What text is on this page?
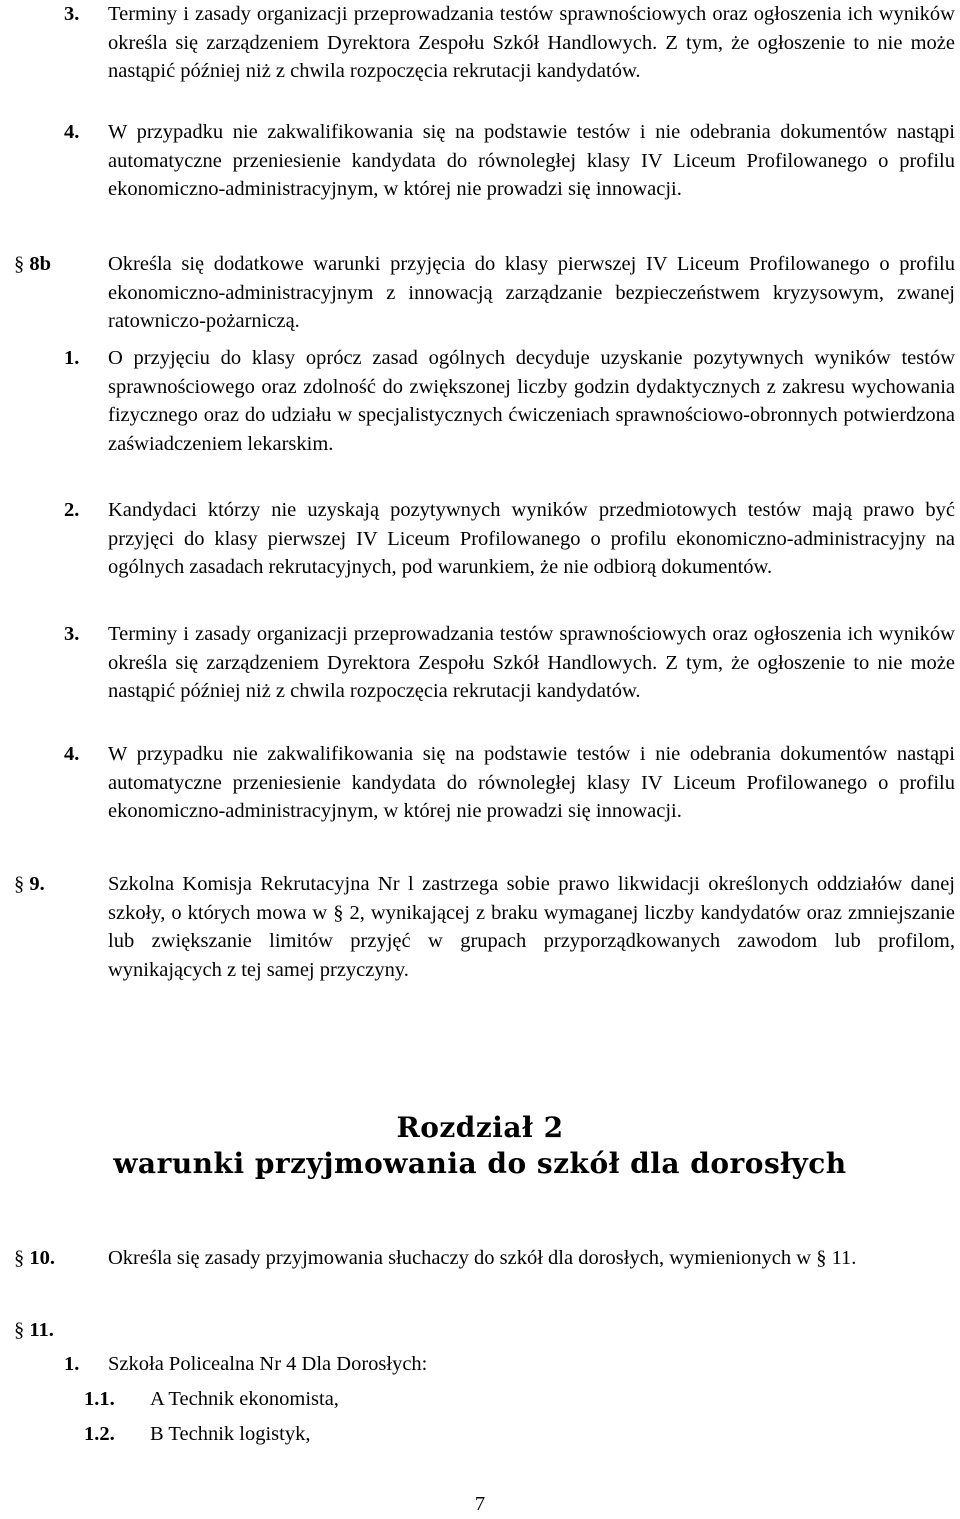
3. Terminy i zasady organizacji przeprowadzania testów sprawnościowych oraz ogłoszenia ich wyników określa się zarządzeniem Dyrektora Zespołu Szkół Handlowych. Z tym, że ogłoszenie to nie może nastąpić później niż z chwila rozpoczęcia rekrutacji kandydatów.
4. W przypadku nie zakwalifikowania się na podstawie testów i nie odebrania dokumentów nastąpi automatyczne przeniesienie kandydata do równoległej klasy IV Liceum Profilowanego o profilu ekonomiczno-administracyjnym, w której nie prowadzi się innowacji.
§ 8b	Określa się dodatkowe warunki przyjęcia do klasy pierwszej IV Liceum Profilowanego o profilu ekonomiczno-administracyjnym z innowacją zarządzanie bezpieczeństwem kryzysowym, zwanej ratowniczo-pożarniczą.
1. O przyjęciu do klasy oprócz zasad ogólnych decyduje uzyskanie pozytywnych wyników testów sprawnościowego oraz zdolność do zwiększonej liczby godzin dydaktycznych z zakresu wychowania fizycznego oraz do udziału w specjalistycznych ćwiczeniach sprawnościowo-obronnych potwierdzona zaświadczeniem lekarskim.
2. Kandydaci którzy nie uzyskają pozytywnych wyników przedmiotowych testów mają prawo być przyjęci do klasy pierwszej IV Liceum Profilowanego o profilu ekonomiczno-administracyjny na ogólnych zasadach rekrutacyjnych, pod warunkiem, że nie odbiorą dokumentów.
3. Terminy i zasady organizacji przeprowadzania testów sprawnościowych oraz ogłoszenia ich wyników określa się zarządzeniem Dyrektora Zespołu Szkół Handlowych. Z tym, że ogłoszenie to nie może nastąpić później niż z chwila rozpoczęcia rekrutacji kandydatów.
4. W przypadku nie zakwalifikowania się na podstawie testów i nie odebrania dokumentów nastąpi automatyczne przeniesienie kandydata do równoległej klasy IV Liceum Profilowanego o profilu ekonomiczno-administracyjnym, w której nie prowadzi się innowacji.
§ 9.	Szkolna Komisja Rekrutacyjna Nr l zastrzega sobie prawo likwidacji określonych oddziałów danej szkoły, o których mowa w § 2, wynikającej z braku wymaganej liczby kandydatów oraz zmniejszanie lub zwiększanie limitów przyjęć w grupach przyporządkowanych zawodom lub profilom, wynikających z tej samej przyczyny.
Rozdział 2
warunki przyjmowania do szkół dla dorosłych
§ 10.	Określa się zasady przyjmowania słuchaczy do szkół dla dorosłych, wymienionych w § 11.
§ 11.
1. Szkoła Policealna Nr 4 Dla Dorosłych:
1.1. A Technik ekonomista,
1.2. B Technik logistyk,
7
